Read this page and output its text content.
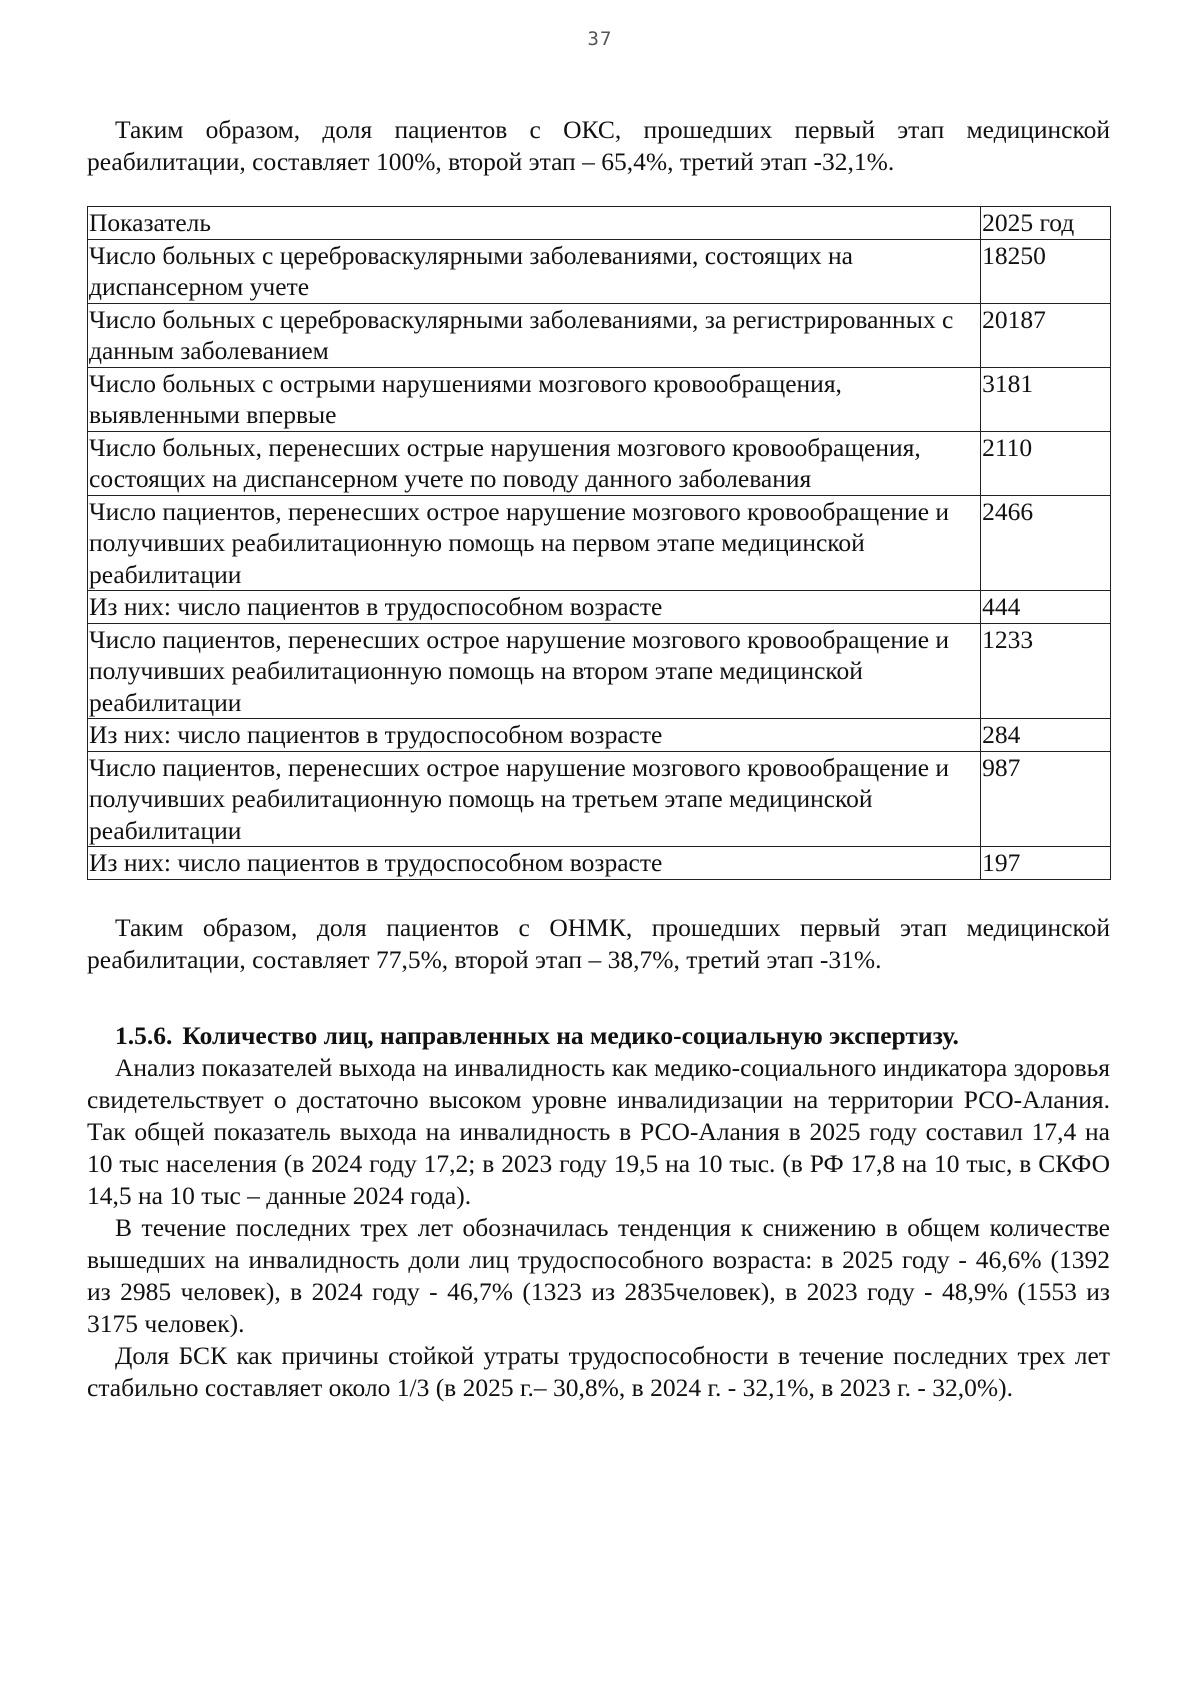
37

Таким образом, доля пациентов с ОКС, прошедших первый этап медицинской реабилитации, составляет 100%, второй этап – 65,4%, третий этап -32,1%.

Показатель	2025 год
Число больных с цереброваскулярными заболеваниями, состоящих на диспансерном учете	18250
Число больных с цереброваскулярными заболеваниями, за регистрированных с данным заболеванием	20187
Число больных с острыми нарушениями мозгового кровообращения, выявленными впервые	3181
Число больных, перенесших острые нарушения мозгового кровообращения, состоящих на диспансерном учете по поводу данного заболевания	2110
Число пациентов, перенесших острое нарушение мозгового кровообращение и получивших реабилитационную помощь на первом этапе медицинской реабилитации	2466
Из них: число пациентов в трудоспособном возрасте	444
Число пациентов, перенесших острое нарушение мозгового кровообращение и получивших реабилитационную помощь на втором этапе медицинской реабилитации	1233
Из них: число пациентов в трудоспособном возрасте	284
Число пациентов, перенесших острое нарушение мозгового кровообращение и получивших реабилитационную помощь на третьем этапе медицинской реабилитации	987
Из них: число пациентов в трудоспособном возрасте	197

Таким образом, доля пациентов с ОНМК, прошедших первый этап медицинской реабилитации, составляет 77,5%, второй этап – 38,7%, третий этап -31%.

1.5.6. Количество лиц, направленных на медико-социальную экспертизу.

Анализ показателей выхода на инвалидность как медико-социального индикатора здоровья свидетельствует о достаточно высоком уровне инвалидизации на территории РСО-Алания. Так общей показатель выхода на инвалидность в РСО-Алания в 2025 году составил 17,4 на 10 тыс населения (в 2024 году 17,2; в 2023 году 19,5 на 10 тыс. (в РФ 17,8 на 10 тыс, в СКФО 14,5 на 10 тыс – данные 2024 года).

В течение последних трех лет обозначилась тенденция к снижению в общем количестве вышедших на инвалидность доли лиц трудоспособного возраста: в 2025 году - 46,6% (1392 из 2985 человек), в 2024 году - 46,7% (1323 из 2835человек), в 2023 году - 48,9% (1553 из 3175 человек).

Доля БСК как причины стойкой утраты трудоспособности в течение последних трех лет стабильно составляет около 1/3 (в 2025 г.– 30,8%, в 2024 г. - 32,1%, в 2023 г. - 32,0%).
